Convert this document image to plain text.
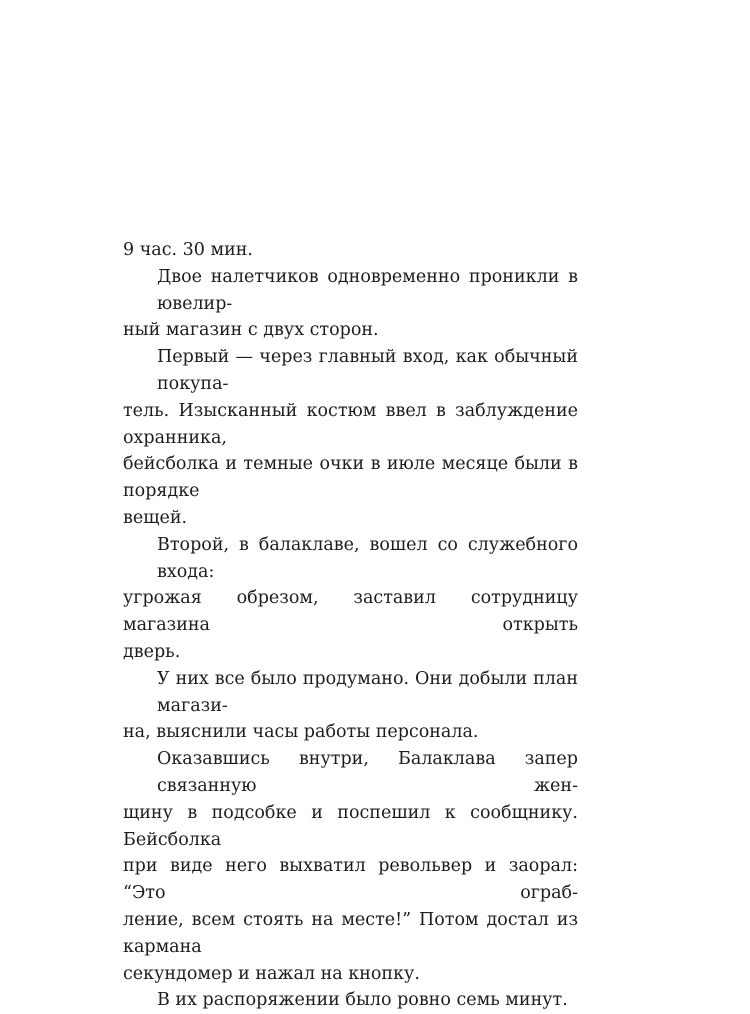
9 час. 30 мин.
Двое налетчиков одновременно проникли в ювелир-
ный магазин с двух сторон.
Первый — через главный вход, как обычный покупа-
тель. Изысканный костюм ввел в заблуждение охранника,
бейсболка и темные очки в июле месяце были в порядке
вещей.
Второй, в балаклаве, вошел со служебного входа:
угрожая обрезом, заставил сотрудницу магазина открыть
дверь.
У них все было продумано. Они добыли план магази-
на, выяснили часы работы персонала.
Оказавшись внутри, Балаклава запер связанную жен-
щину в подсобке и поспешил к сообщнику. Бейсболка
при виде него выхватил револьвер и заорал: “Это ограб-
ление, всем стоять на месте!” Потом достал из кармана
секундомер и нажал на кнопку.
В их распоряжении было ровно семь минут.
